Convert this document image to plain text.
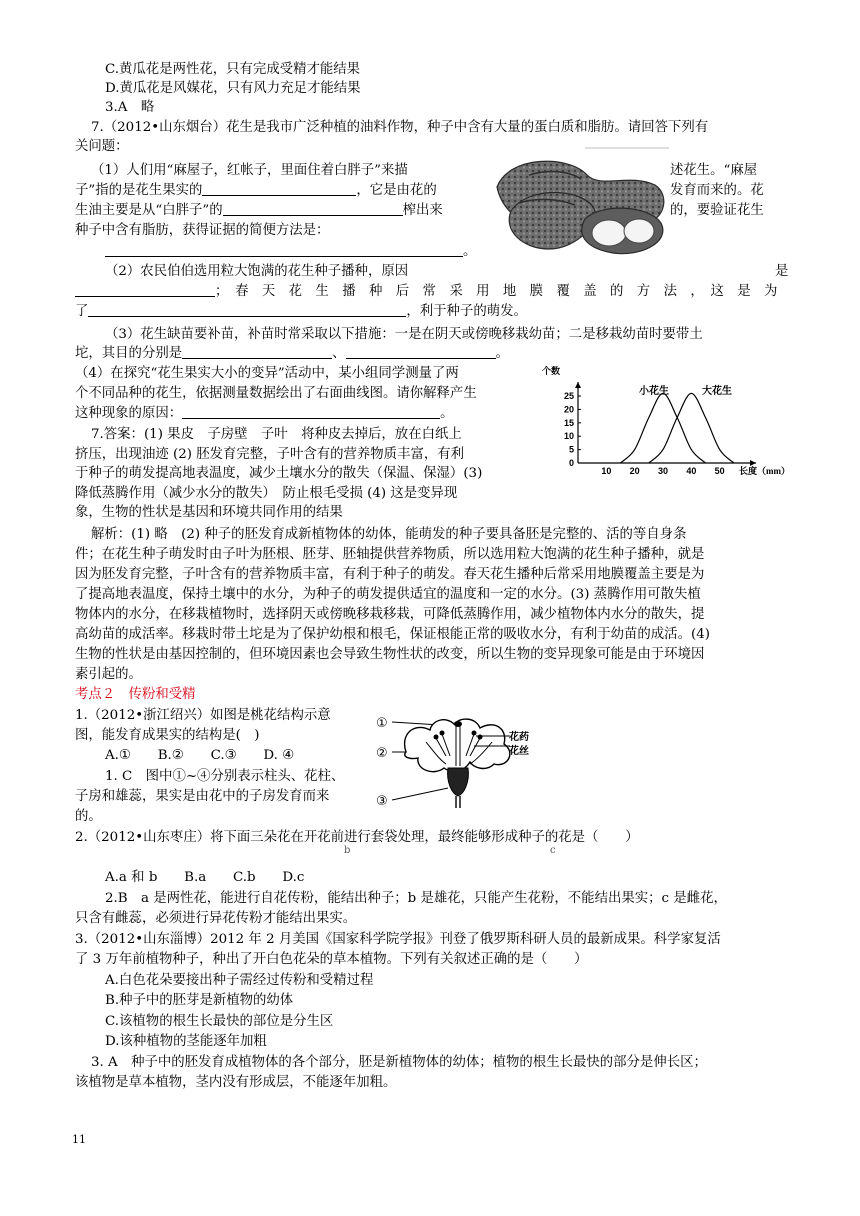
C.黄瓜花是两性花，只有完成受精才能结果
D.黄瓜花是风媒花，只有风力充足才能结果
3.A　略
7.（2012•山东烟台）花生是我市广泛种植的油料作物，种子中含有大量的蛋白质和脂肪。请回答下列有
关问题：
（1）人们用“麻屋子，红帐子，里面住着白胖子”来描	述花生。“麻屋
子”指的是花生果实的	，它是由花的	发育而来的。花
生油主要是从“白胖子”的	榨出来	的，要验证花生
种子中含有脂肪，获得证据的简便方法是：
。
（2）农民伯伯选用粒大饱满的花生种子播种，原因	是
；　春　天　花　生　播　种　后　常　采　用　地　膜　覆　盖　的　方　法　，　这　是　为
了	，利于种子的萌发。
（3）花生缺苗要补苗，补苗时常采取以下措施：一是在阴天或傍晚移栽幼苗；二是移栽幼苗时要带土
坨，其目的分别是	、	。
（4）在探究“花生果实大小的变异”活动中，某小组同学测量了两
个不同品种的花生，依据测量数据绘出了右面曲线图。请你解释产生
这种现象的原因：	。
7.答案：(1) 果皮　子房壁　子叶　将种皮去掉后，放在白纸上
挤压，出现油迹 (2) 胚发育完整，子叶含有的营养物质丰富，有利
于种子的萌发提高地表温度，减少土壤水分的散失（保温、保湿）(3)
降低蒸腾作用（减少水分的散失）　防止根毛受损 (4) 这是变异现
象，生物的性状是基因和环境共同作用的结果
个数
0
5
10
15
20
25
10 20 30 40 50
小花生	大花生
长度（mm）
解析：(1) 略　(2) 种子的胚发育成新植物体的幼体，能萌发的种子要具备胚是完整的、活的等自身条
件；在花生种子萌发时由子叶为胚根、胚芽、胚轴提供营养物质，所以选用粒大饱满的花生种子播种，就是
因为胚发育完整，子叶含有的营养物质丰富，有利于种子的萌发。春天花生播种后常采用地膜覆盖主要是为
了提高地表温度，保持土壤中的水分，为种子的萌发提供适宜的温度和一定的水分。(3) 蒸腾作用可散失植
物体内的水分，在移栽植物时，选择阴天或傍晚移栽移栽，可降低蒸腾作用，减少植物体内水分的散失，提
高幼苗的成活率。移栽时带土坨是为了保护幼根和根毛，保证根能正常的吸收水分，有利于幼苗的成活。(4)
生物的性状是由基因控制的，但环境因素也会导致生物性状的改变，所以生物的变异现象可能是由于环境因
素引起的。
考点２　传粉和受精
1.（2012•浙江绍兴）如图是桃花结构示意
图，能发育成果实的结构是(　)
A.①　　B.②　　C.③　　D. ④
1. C　图中①~④分别表示柱头、花柱、
子房和雄蕊，果实是由花中的子房发育而来
的。
①
②
③
花药
花丝
2.（2012•山东枣庄）将下面三朵花在开花前进行套袋处理，最终能够形成种子的花是（　　）
b	c
A.a 和 b　　B.a　　C.b　　D.c
2.B　a 是两性花，能进行自花传粉，能结出种子；b 是雄花，只能产生花粉，不能结出果实；c 是雌花，
只含有雌蕊，必须进行异花传粉才能结出果实。
3.（2012•山东淄博）2012 年 2 月美国《国家科学院学报》刊登了俄罗斯科研人员的最新成果。科学家复活
了 3 万年前植物种子，种出了开白色花朵的草本植物。下列有关叙述正确的是（　　）
A.白色花朵要接出种子需经过传粉和受精过程
B.种子中的胚芽是新植物的幼体
C.该植物的根生长最快的部位是分生区
D.该种植物的茎能逐年加粗
3. A　种子中的胚发育成植物体的各个部分，胚是新植物体的幼体；植物的根生长最快的部分是伸长区；
该植物是草本植物，茎内没有形成层，不能逐年加粗。
11
